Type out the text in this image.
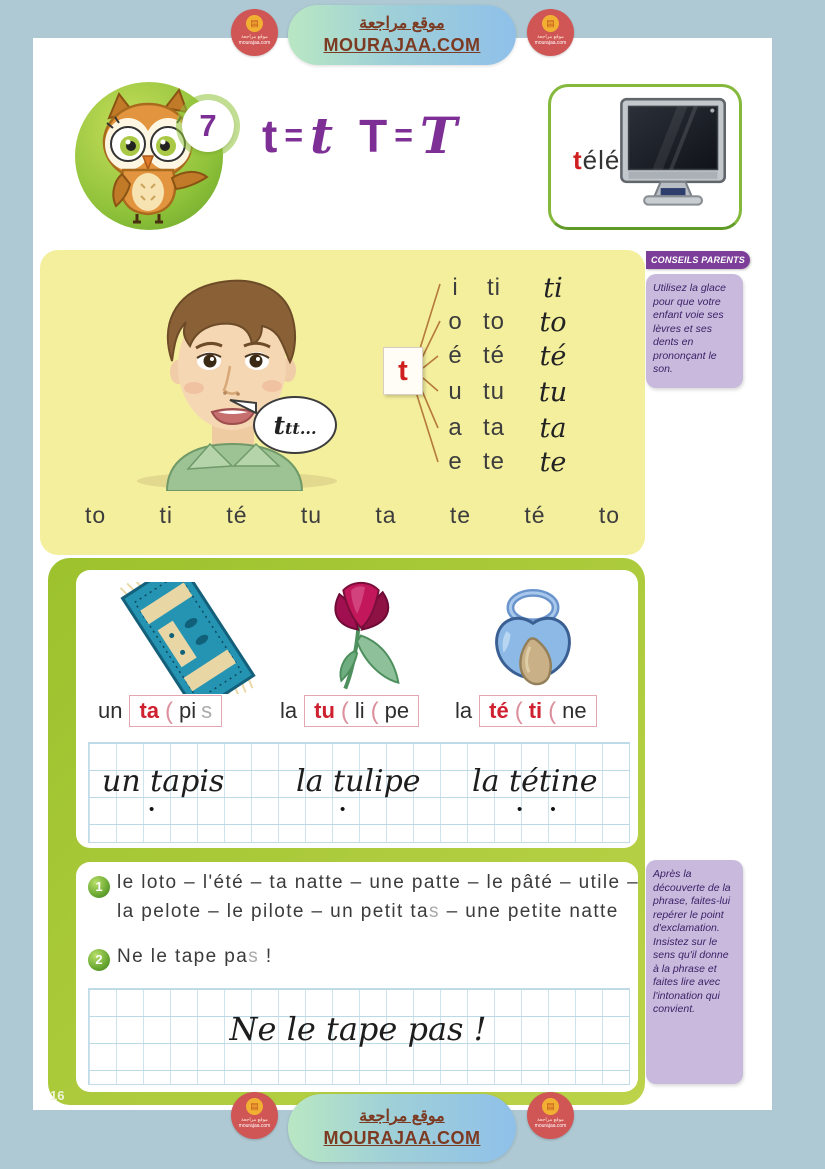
▤
موقع مراجعة
mourajaa.com
موقع مراجعة
MOURAJAA.COM
▤
موقع مراجعة
mourajaa.com
7 t = t T = T	télé
ttt...
t
i	ti	ti
o to	to
é té	té
u tu	tu
a ta	ta
e te	te
to ti té tu ta te té to
un ta ( pi s	la tu ( li ( pe la té ( ti ( ne
un tapis
•
la tulipe
•
la tétine
• •
1 le loto – l'été – ta natte – une patte – le pâté – utile –
la pelote – le pilote – un petit tas – une petite natte
2 Ne le tape pas !
Ne le tape pas !
CONSEILS PARENTS
Utilisez la glace pour que votre enfant voie ses lèvres et ses dents en prononçant le son.
Après la découverte de la phrase, faites-lui repérer le point d'exclamation. Insistez sur le sens qu'il donne à la phrase et faites lire avec l'intonation qui convient.
16
▤
موقع مراجعة
mourajaa.com
موقع مراجعة
MOURAJAA.COM
▤
موقع مراجعة
mourajaa.com
